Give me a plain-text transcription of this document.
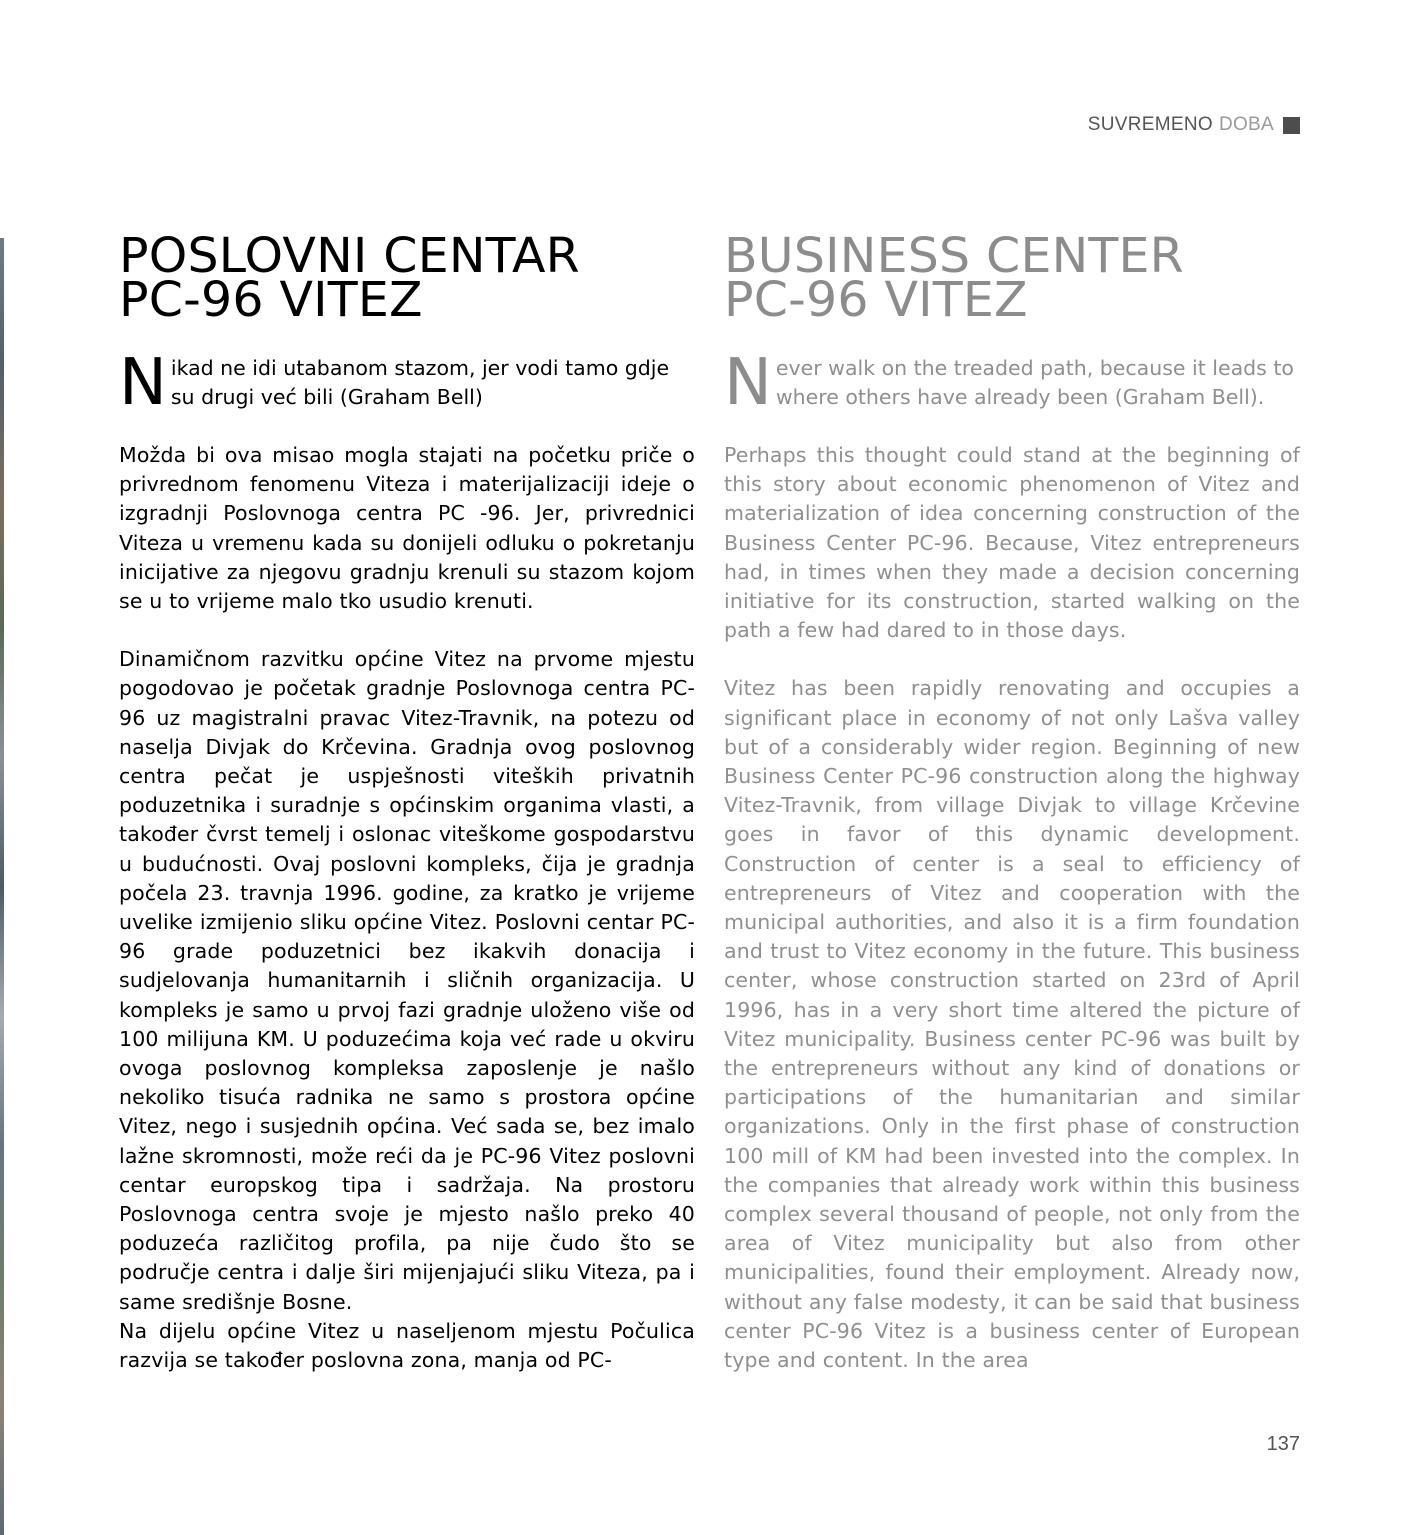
SUVREMENO DOBA
POSLOVNI CENTAR
PC-96 VITEZ

Nikad ne idi utabanom stazom, jer vodi tamo gdje su drugi već bili (Graham Bell)

Možda bi ova misao mogla stajati na početku priče o privrednom fenomenu Viteza i materijalizaciji ideje o izgradnji Poslovnoga centra PC -96. Jer, privrednici Viteza u vremenu kada su donijeli odluku o pokretanju inicijative za njegovu gradnju krenuli su stazom kojom se u to vrijeme malo tko usudio krenuti.

Dinamičnom razvitku općine Vitez na prvome mjestu pogodovao je početak gradnje Poslovnoga centra PC-96 uz magistralni pravac Vitez-Travnik, na potezu od naselja Divjak do Krčevina. Gradnja ovog poslovnog centra pečat je uspješnosti viteških privatnih poduzetnika i suradnje s općinskim organima vlasti, a također čvrst temelj i oslonac viteškome gospodarstvu u budućnosti. Ovaj poslovni kompleks, čija je gradnja počela 23. travnja 1996. godine, za kratko je vrijeme uvelike izmijenio sliku općine Vitez. Poslovni centar PC-96 grade poduzetnici bez ikakvih donacija i sudjelovanja humanitarnih i sličnih organizacija. U kompleks je samo u prvoj fazi gradnje uloženo više od 100 milijuna KM. U poduzećima koja već rade u okviru ovoga poslovnog kompleksa zaposlenje je našlo nekoliko tisuća radnika ne samo s prostora općine Vitez, nego i susjednih općina. Već sada se, bez imalo lažne skromnosti, može reći da je PC-96 Vitez poslovni centar europskog tipa i sadržaja. Na prostoru Poslovnoga centra svoje je mjesto našlo preko 40 poduzeća različitog profila, pa nije čudo što se područje centra i dalje širi mijenjajući sliku Viteza, pa i same središnje Bosne.

Na dijelu općine Vitez u naseljenom mjestu Počulica razvija se također poslovna zona, manja od PC-

BUSINESS CENTER
PC-96 VITEZ

Never walk on the treaded path, because it leads to where others have already been (Graham Bell).

Perhaps this thought could stand at the beginning of this story about economic phenomenon of Vitez and materialization of idea concerning construction of the Business Center PC-96. Because, Vitez entrepreneurs had, in times when they made a decision concerning initiative for its construction, started walking on the path a few had dared to in those days.

Vitez has been rapidly renovating and occupies a significant place in economy of not only Lašva valley but of a considerably wider region. Beginning of new Business Center PC-96 construction along the highway Vitez-Travnik, from village Divjak to village Krčevine goes in favor of this dynamic development. Construction of center is a seal to efficiency of entrepreneurs of Vitez and cooperation with the municipal authorities, and also it is a firm foundation and trust to Vitez economy in the future. This business center, whose construction started on 23rd of April 1996, has in a very short time altered the picture of Vitez municipality. Business center PC-96 was built by the entrepreneurs without any kind of donations or participations of the humanitarian and similar organizations. Only in the first phase of construction 100 mill of KM had been invested into the complex. In the companies that already work within this business complex several thousand of people, not only from the area of Vitez municipality but also from other municipalities, found their employment. Already now, without any false modesty, it can be said that business center PC-96 Vitez is a business center of European type and content. In the area

137
